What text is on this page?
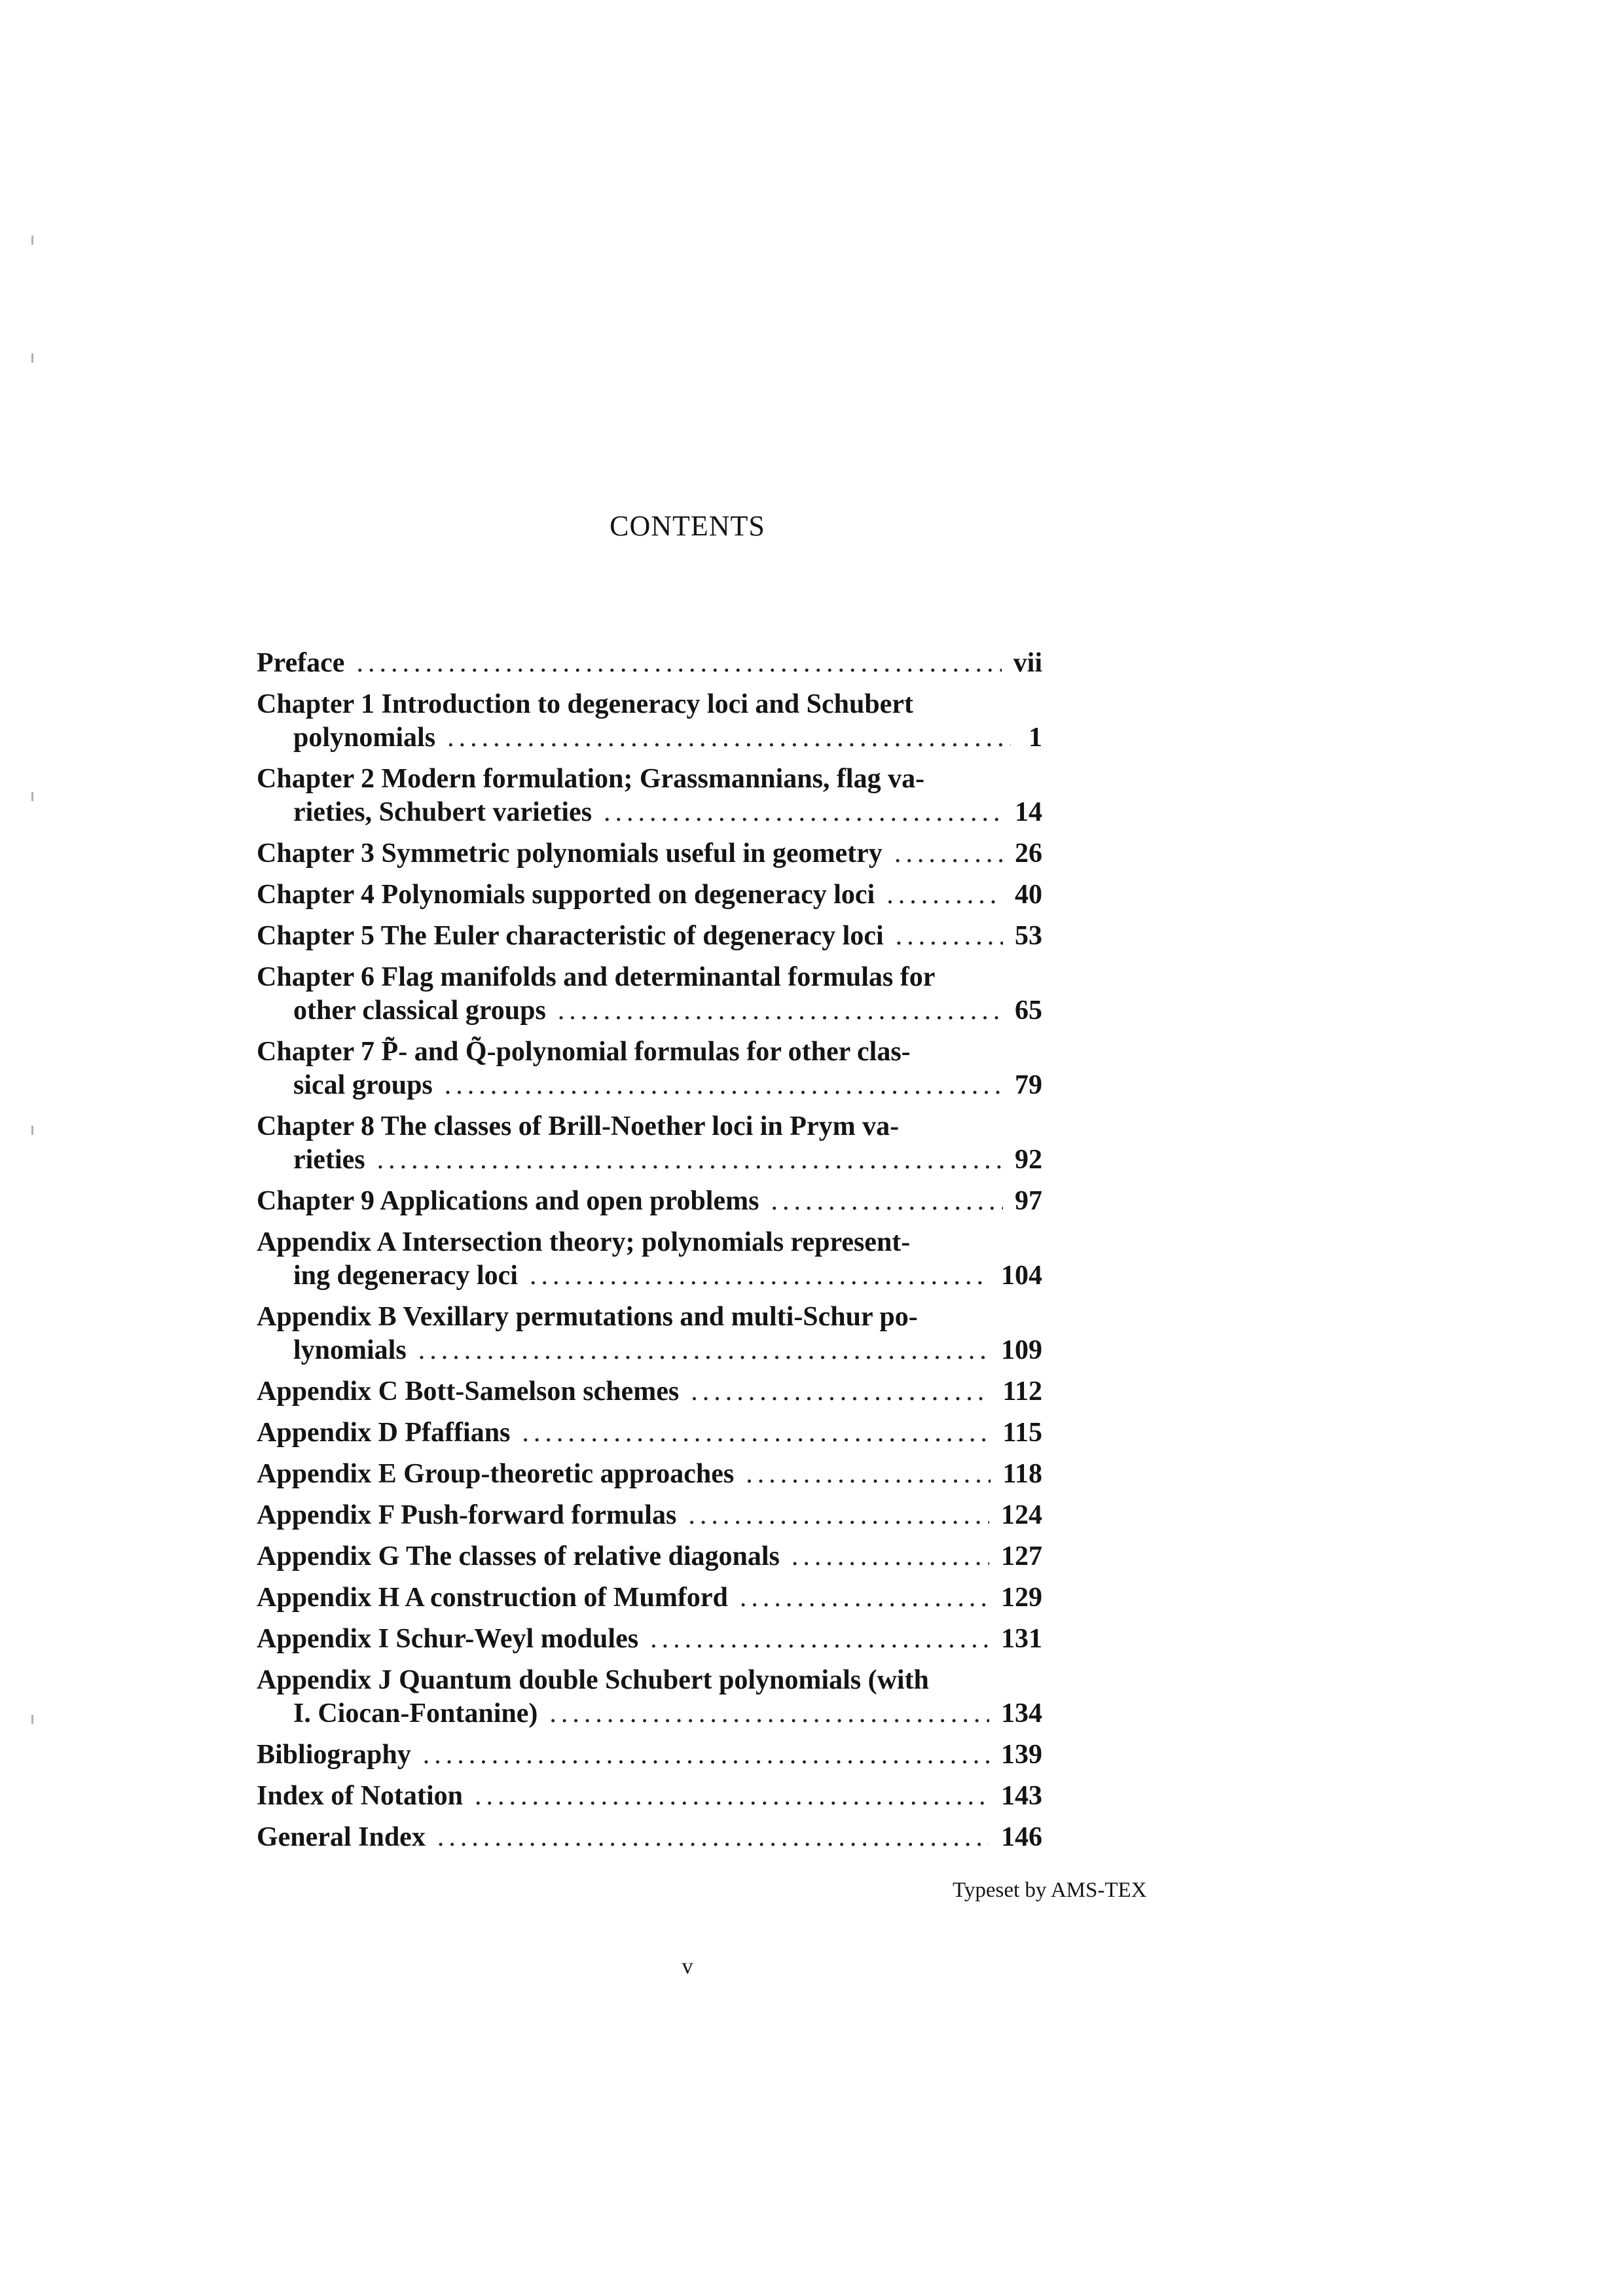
CONTENTS
Preface .....	vii
Chapter 1 Introduction to degeneracy loci and Schubert
polynomials .....	1
Chapter 2 Modern formulation; Grassmannians, flag va-
rieties, Schubert varieties .....	14
Chapter 3 Symmetric polynomials useful in geometry .....	26
Chapter 4 Polynomials supported on degeneracy loci .....	40
Chapter 5 The Euler characteristic of degeneracy loci .....	53
Chapter 6 Flag manifolds and determinantal formulas for
other classical groups .....	65
Chapter 7 P̃- and Q̃-polynomial formulas for other clas-
sical groups .....	79
Chapter 8 The classes of Brill-Noether loci in Prym va-
rieties .....	92
Chapter 9 Applications and open problems .....	97
Appendix A Intersection theory; polynomials represent-
ing degeneracy loci .....	104
Appendix B Vexillary permutations and multi-Schur po-
lynomials .....	109
Appendix C Bott-Samelson schemes .....	112
Appendix D Pfaffians .....	115
Appendix E Group-theoretic approaches .....	118
Appendix F Push-forward formulas .....	124
Appendix G The classes of relative diagonals .....	127
Appendix H A construction of Mumford .....	129
Appendix I Schur-Weyl modules .....	131
Appendix J Quantum double Schubert polynomials (with
I. Ciocan-Fontanine) .....	134
Bibliography .....	139
Index of Notation .....	143
General Index .....	146
Typeset by AMS-TEX
v
